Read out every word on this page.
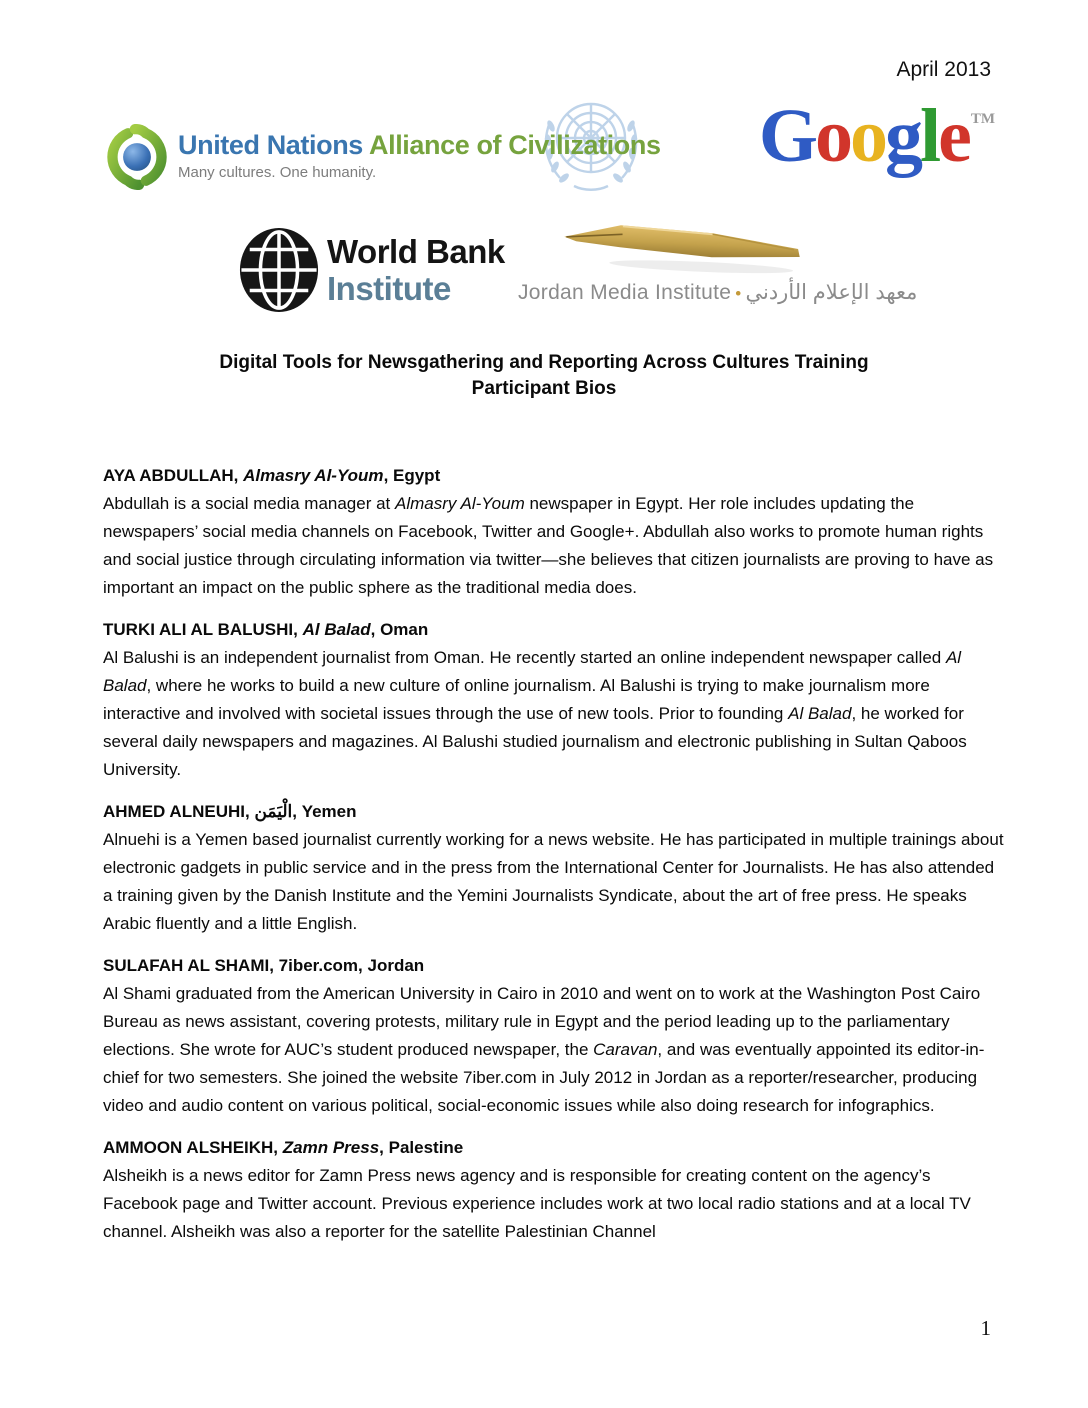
April 2013
United Nations Alliance of Civilizations
Many cultures. One humanity.	Google ™
World Bank
Institute	Jordan Media Institute • معهد الإعلام الأردني
Digital Tools for Newsgathering and Reporting Across Cultures Training
Participant Bios
AYA ABDULLAH, Almasry Al-Youm, Egypt
Abdullah is a social media manager at Almasry Al-Youm newspaper in Egypt. Her role includes updating the newspapers’ social media channels on Facebook, Twitter and Google+. Abdullah also works to promote human rights and social justice through circulating information via twitter—she believes that citizen journalists are proving to have as important an impact on the public sphere as the traditional media does.
TURKI ALI AL BALUSHI, Al Balad, Oman
Al Balushi is an independent journalist from Oman. He recently started an online independent newspaper called Al Balad, where he works to build a new culture of online journalism. Al Balushi is trying to make journalism more interactive and involved with societal issues through the use of new tools. Prior to founding Al Balad, he worked for several daily newspapers and magazines. Al Balushi studied journalism and electronic publishing in Sultan Qaboos University.
AHMED ALNEUHI, الْيَمَن, Yemen
Alnuehi is a Yemen based journalist currently working for a news website. He has participated in multiple trainings about electronic gadgets in public service and in the press from the International Center for Journalists. He has also attended a training given by the Danish Institute and the Yemini Journalists Syndicate, about the art of free press. He speaks Arabic fluently and a little English.
SULAFAH AL SHAMI, 7iber.com, Jordan
Al Shami graduated from the American University in Cairo in 2010 and went on to work at the Washington Post Cairo Bureau as news assistant, covering protests, military rule in Egypt and the period leading up to the parliamentary elections. She wrote for AUC’s student produced newspaper, the Caravan, and was eventually appointed its editor-in-chief for two semesters. She joined the website 7iber.com in July 2012 in Jordan as a reporter/researcher, producing video and audio content on various political, social-economic issues while also doing research for infographics.
AMMOON ALSHEIKH, Zamn Press, Palestine
Alsheikh is a news editor for Zamn Press news agency and is responsible for creating content on the agency’s Facebook page and Twitter account. Previous experience includes work at two local radio stations and at a local TV channel. Alsheikh was also a reporter for the satellite Palestinian Channel
1
